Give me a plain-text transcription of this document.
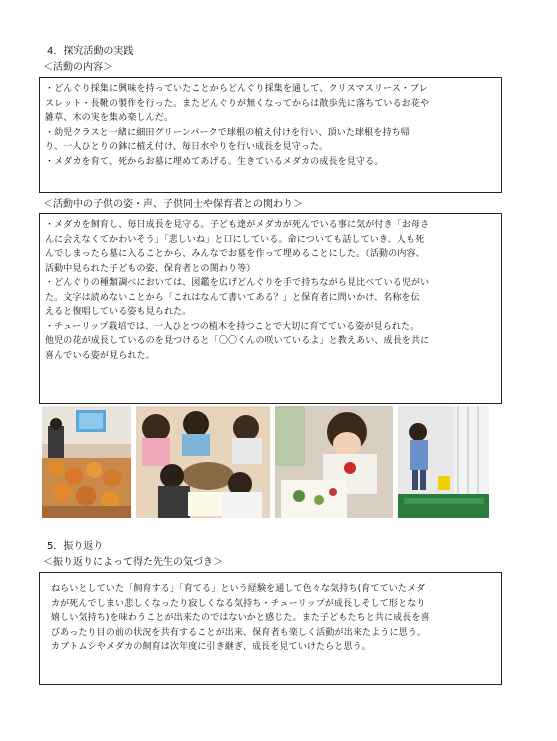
4．探究活動の実践
＜活動の内容＞
・どんぐり採集に興味を持っていたことからどんぐり採集を通して、クリスマスリース・ブレ
スレット・長靴の製作を行った。またどんぐりが無くなってからは散歩先に落ちているお花や
雑草、木の実を集め楽しんだ。
・幼児クラスと一緒に細田グリーンパークで球根の植え付けを行い、頂いた球根を持ち帰
り、一人ひとりの鉢に植え付け、毎日水やりを行い成長を見守った。
・メダカを育て、死からお墓に埋めてあげる。生きているメダカの成長を見守る。
＜活動中の子供の姿・声、子供同士や保育者との関わり＞
・メダカを飼育し、毎日成長を見守る。子ども達がメダカが死んでいる事に気が付き「お母さ
んに会えなくてかわいそう」「悲しいね」と口にしている。命についても話していき、人も死
んでしまったら墓に入ることから、みんなでお墓を作って埋めることにした。（活動の内容、
活動中見られた子どもの姿、保育者との関わり等）
・どんぐりの種類調べにおいては、図鑑を広げどんぐりを手で持ちながら見比べている児がい
た。文字は読めないことから「これはなんて書いてある？」と保育者に問いかけ、名称を伝
えると復唱している姿も見られた。
・チューリップ栽培では、一人ひとつの植木を持つことで大切に育てている姿が見られた。
他児の花が成長しているのを見つけると「〇〇くんの咲いているよ」と教えあい、成長を共に
喜んでいる姿が見られた。
5．振り返り
＜振り返りによって得た先生の気づき＞
ねらいとしていた「飼育する」「育てる」という経験を通して色々な気持ち(育てていたメダ
カが死んでしまい悲しくなったり寂しくなる気持ち・チューリップが成長しそして形となり
嬉しい気持ち)を味わうことが出来たのではないかと感じた。また子どもたちと共に成長を喜
びあったり目の前の状況を共有することが出来、保育者も楽しく活動が出来たように思う。
カブトムシやメダカの飼育は次年度に引き継ぎ、成長を見ていけたらと思う。
